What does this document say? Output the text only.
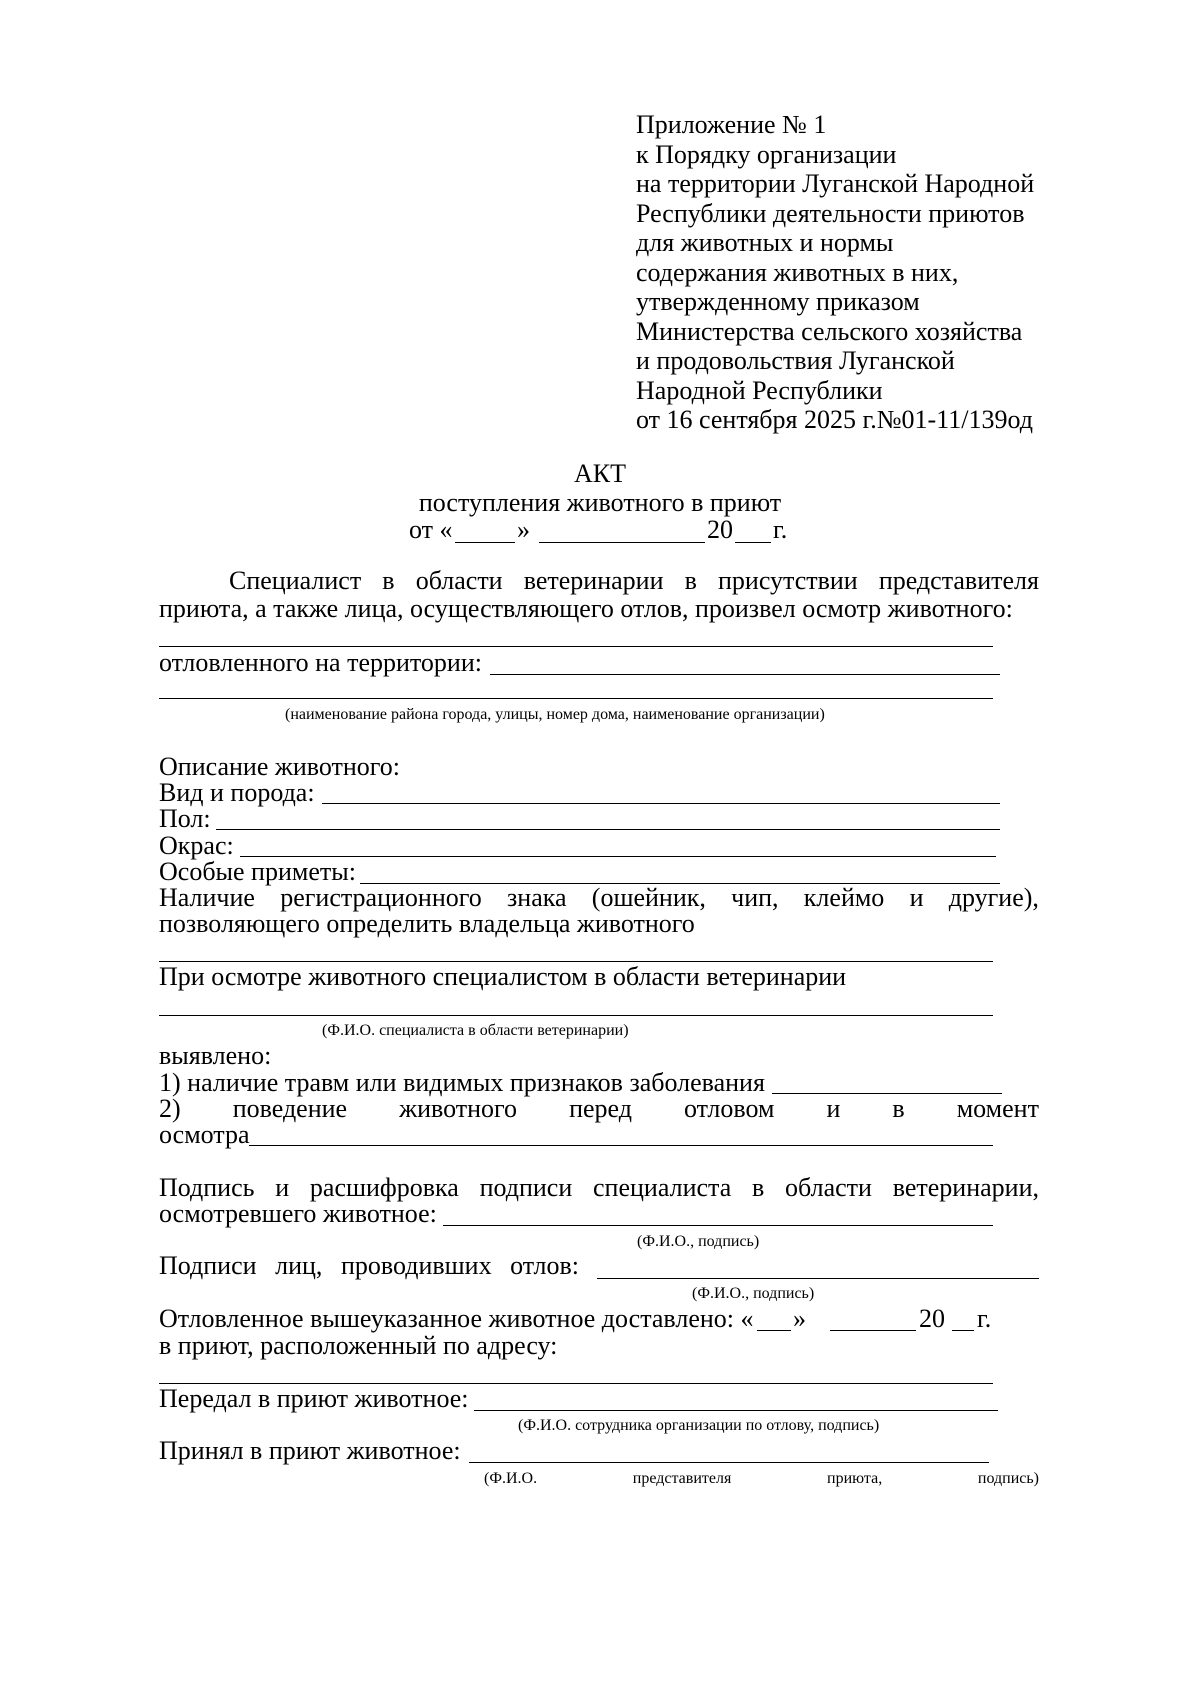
Приложение № 1
к Порядку организации
на территории Луганской Народной
Республики деятельности приютов
для животных и нормы
содержания животных в них,
утвержденному приказом
Министерства сельского хозяйства
и продовольствия Луганской
Народной Республики
от 16 сентября 2025 г.№01-11/139од
АКТ
поступления животного в приют
от « »	20 г.
Специалист в области ветеринарии в присутствии представителя
приюта, а также лица, осуществляющего отлов, произвел осмотр животного:
отловленного на территории:
(наименование района города, улицы, номер дома, наименование организации)
Описание животного:
Вид и порода:
Пол:
Окрас:
Особые приметы:
Наличие регистрационного знака (ошейник, чип, клеймо и другие),
позволяющего определить владельца животного
При осмотре животного специалистом в области ветеринарии
(Ф.И.О. специалиста в области ветеринарии)
выявлено:
1) наличие травм или видимых признаков заболевания
2) поведение животного перед отловом и в момент
осмотра
Подпись и расшифровка подписи специалиста в области ветеринарии,
осмотревшего животное:
(Ф.И.О., подпись)
Подписи лиц, проводивших отлов:
(Ф.И.О., подпись)
Отловленное вышеуказанное животное доставлено: « »	20 г.
в приют, расположенный по адресу:
Передал в приют животное:
(Ф.И.О. сотрудника организации по отлову, подпись)
Принял в приют животное:
(Ф.И.О.	представителя	приюта,	подпись)
